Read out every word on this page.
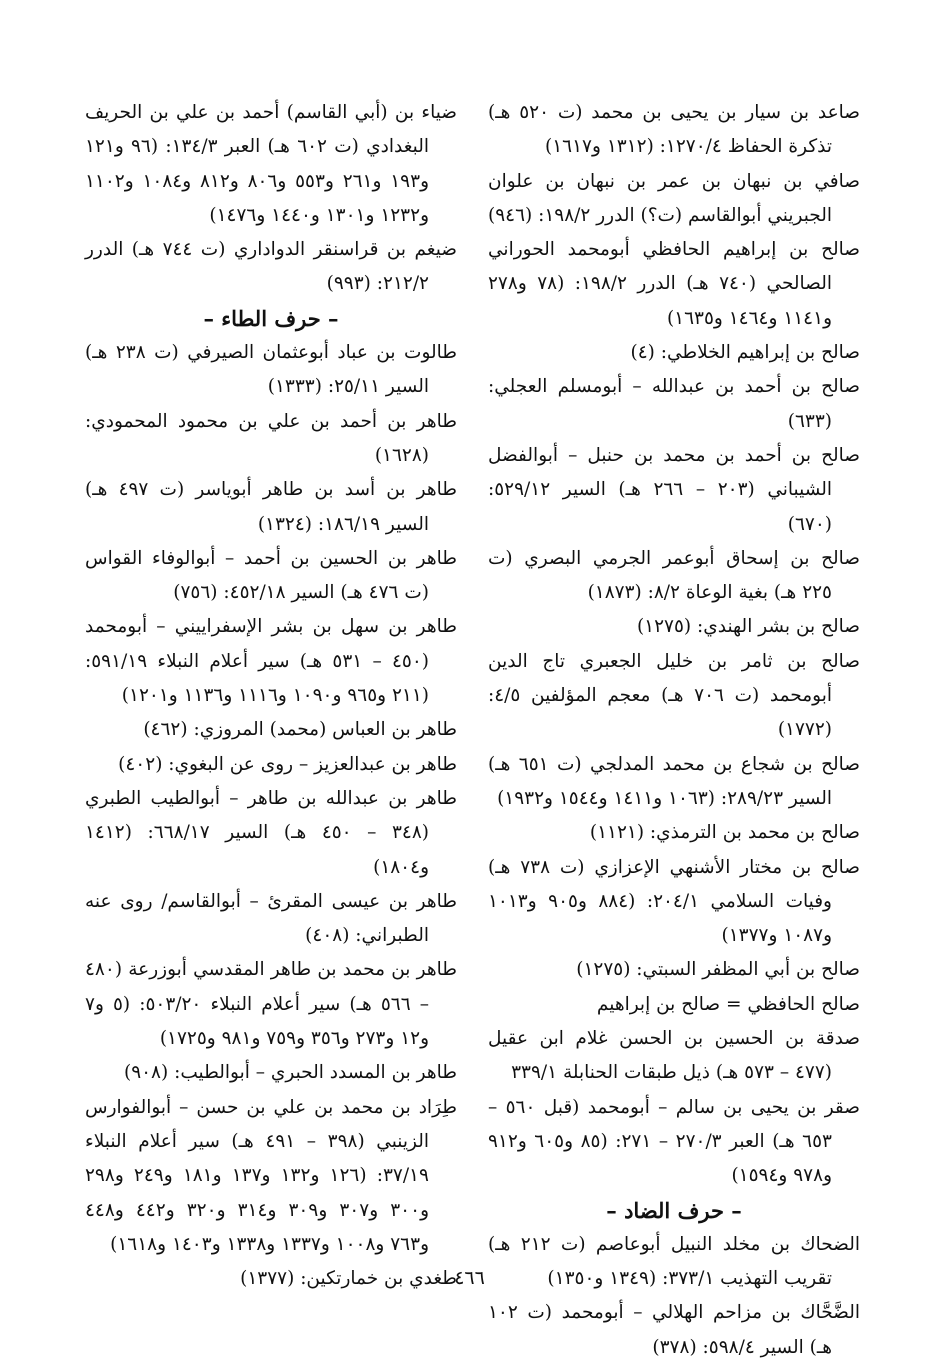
صاعد بن سيار بن يحيى بن محمد (ت ٥٢٠ هـ) تذكرة الحفاظ ١٢٧٠/٤: (١٣١٢ و١٦١٧)

صافي بن نبهان بن عمر بن نبهان بن علوان الجبريني أبوالقاسم (ت؟) الدرر ١٩٨/٢: (٩٤٦)

صالح بن إبراهيم الحافظي أبومحمد الحوراني الصالحي (٧٤٠ هـ) الدرر ١٩٨/٢: (٧٨ و٢٧٨ و١١٤١ و١٤٦٤ و١٦٣٥)

صالح بن إبراهيم الخلاطي: (٤)

صالح بن أحمد بن عبدالله – أبومسلم العجلي: (٦٣٣)

صالح بن أحمد بن محمد بن حنبل – أبوالفضل الشيباني (٢٠٣ – ٢٦٦ هـ) السير ٥٢٩/١٢: (٦٧٠)

صالح بن إسحاق أبوعمر الجرمي البصري (ت ٢٢٥ هـ) بغية الوعاة ٨/٢: (١٨٧٣)

صالح بن بشر الهندي: (١٢٧٥)

صالح بن ثامر بن خليل الجعبري تاج الدين أبومحمد (ت ٧٠٦ هـ) معجم المؤلفين ٤/٥: (١٧٧٢)

صالح بن شجاع بن محمد المدلجي (ت ٦٥١ هـ) السير ٢٨٩/٢٣: (١٠٦٣ و١٤١١ و١٥٤٤ و١٩٣٢)

صالح بن محمد بن الترمذي: (١١٢١)

صالح بن مختار الأشنهي الإعزازي (ت ٧٣٨ هـ) وفيات السلامي ٢٠٤/١: (٨٨٤ و٩٠٥ و١٠١٣ و١٠٨٧ و١٣٧٧)

صالح بن أبي المظفر السبتي: (١٢٧٥)

صالح الحافظي = صالح بن إبراهيم

صدقة بن الحسين بن الحسن غلام ابن عقيل (٤٧٧ – ٥٧٣ هـ) ذيل طبقات الحنابلة ٣٣٩/١

صقر بن يحيى بن سالم – أبومحمد (قبل ٥٦٠ – ٦٥٣ هـ) العبر ٢٧٠/٣ – ٢٧١: (٨٥ و٦٠٥ و٩١٢ و٩٧٨ و١٥٩٤)

– حرف الضاد –

الضحاك بن مخلد النبيل أبوعاصم (ت ٢١٢ هـ) تقريب التهذيب ٣٧٣/١: (١٣٤٩ و١٣٥٠)

الضَّحَّاك بن مزاحم الهلالي – أبومحمد (ت ١٠٢ هـ) السير ٥٩٨/٤: (٣٧٨)

ضياء بن (أبي القاسم) أحمد بن علي بن الحريف البغدادي (ت ٦٠٢ هـ) العبر ١٣٤/٣: (٩٦ و١٢١ و١٩٣ و٢٦١ و٥٥٣ و٨٠٦ و٨١٢ و١٠٨٤ و١١٠٢ و١٢٣٢ و١٣٠١ و١٤٤٠ و١٤٧٦)

ضيغم بن قراسنقر الدواداري (ت ٧٤٤ هـ) الدرر ٢١٢/٢: (٩٩٣)

– حرف الطاء –

طالوت بن عباد أبوعثمان الصيرفي (ت ٢٣٨ هـ) السير ٢٥/١١: (١٣٣٣)

طاهر بن أحمد بن علي بن محمود المحمودي: (١٦٢٨)

طاهر بن أسد بن طاهر أبوياسر (ت ٤٩٧ هـ) السير ١٨٦/١٩: (١٣٢٤)

طاهر بن الحسين بن أحمد – أبوالوفاء القواس (ت ٤٧٦ هـ) السير ٤٥٢/١٨: (٧٥٦)

طاهر بن سهل بن بشر الإسفراييني – أبومحمد (٤٥٠ – ٥٣١ هـ) سير أعلام النبلاء ٥٩١/١٩: (٢١١ و٩٦٥ و١٠٩٠ و١١١٦ و١١٣٦ و١٢٠١)

طاهر بن العباس (محمد) المروزي: (٤٦٢)

طاهر بن عبدالعزيز – روى عن البغوي: (٤٠٢)

طاهر بن عبدالله بن طاهر – أبوالطيب الطبري (٣٤٨ – ٤٥٠ هـ) السير ٦٦٨/١٧: (١٤١٢ و١٨٠٤)

طاهر بن عيسى المقرئ – أبوالقاسم/ روى عنه الطبراني: (٤٠٨)

طاهر بن محمد بن طاهر المقدسي أبوزرعة (٤٨٠ – ٥٦٦ هـ) سير أعلام النبلاء ٥٠٣/٢٠: (٥ و٧ و١٢ و٢٧٣ و٣٥٦ و٧٥٩ و٩٨١ و١٧٢٥)

طاهر بن المسدد الحبري – أبوالطيب: (٩٠٨)

طِرَاد بن محمد بن علي بن حسن – أبوالفوارس الزينبي (٣٩٨ – ٤٩١ هـ) سير أعلام النبلاء ٣٧/١٩: (١٢٦ و١٣٢ و١٣٧ و١٨١ و٢٤٩ و٢٩٨ و٣٠٠ و٣٠٧ و٣٠٩ و٣١٤ و٣٢٠ و٤٤٢ و٤٤٨ و٧٦٣ و١٠٠٨ و١٣٣٧ و١٣٣٨ و١٤٠٣ و١٦١٨)

طغدي بن خمارتكين: (١٣٧٧)

٤٦٦
